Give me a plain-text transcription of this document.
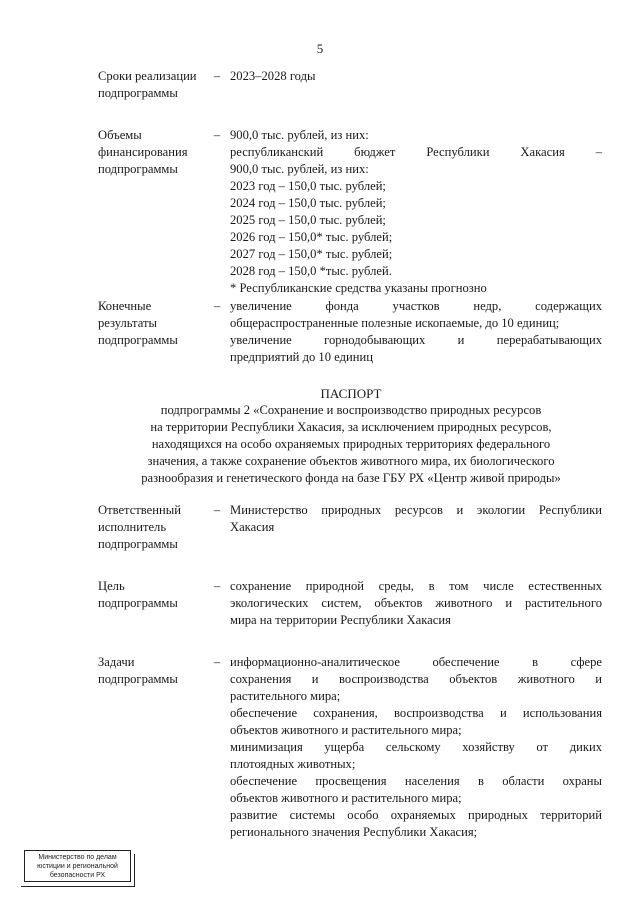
5
Сроки реализации
подпрограммы
– 2023–2028 годы
Объемы
финансирования
подпрограммы
– 900,0 тыс. рублей, из них:
республиканский бюджет Республики Хакасия –
900,0 тыс. рублей, из них:
2023 год – 150,0 тыс. рублей;
2024 год – 150,0 тыс. рублей;
2025 год – 150,0 тыс. рублей;
2026 год – 150,0* тыс. рублей;
2027 год – 150,0* тыс. рублей;
2028 год – 150,0 *тыс. рублей.
* Республиканские средства указаны прогнозно
Конечные
результаты
подпрограммы
– увеличение фонда участков недр, содержащих
общераспространенные полезные ископаемые, до 10 единиц;
увеличение горнодобывающих и перерабатывающих
предприятий до 10 единиц
ПАСПОРТ
подпрограммы 2 «Сохранение и воспроизводство природных ресурсов
на территории Республики Хакасия, за исключением природных ресурсов,
находящихся на особо охраняемых природных территориях федерального
значения, а также сохранение объектов животного мира, их биологического
разнообразия и генетического фонда на базе ГБУ РХ «Центр живой природы»
Ответственный
исполнитель
подпрограммы
– Министерство природных ресурсов и экологии Республики
Хакасия
Цель
подпрограммы
– сохранение природной среды, в том числе естественных
экологических систем, объектов животного и растительного
мира на территории Республики Хакасия
Задачи
подпрограммы
– информационно-аналитическое обеспечение в сфере
сохранения и воспроизводства объектов животного и
растительного мира;
обеспечение сохранения, воспроизводства и использования
объектов животного и растительного мира;
минимизация ущерба сельскому хозяйству от диких
плотоядных животных;
обеспечение просвещения населения в области охраны
объектов животного и растительного мира;
развитие системы особо охраняемых природных территорий
регионального значения Республики Хакасия;
Министерство по делам
юстиции и региональной
безопасности РХ
